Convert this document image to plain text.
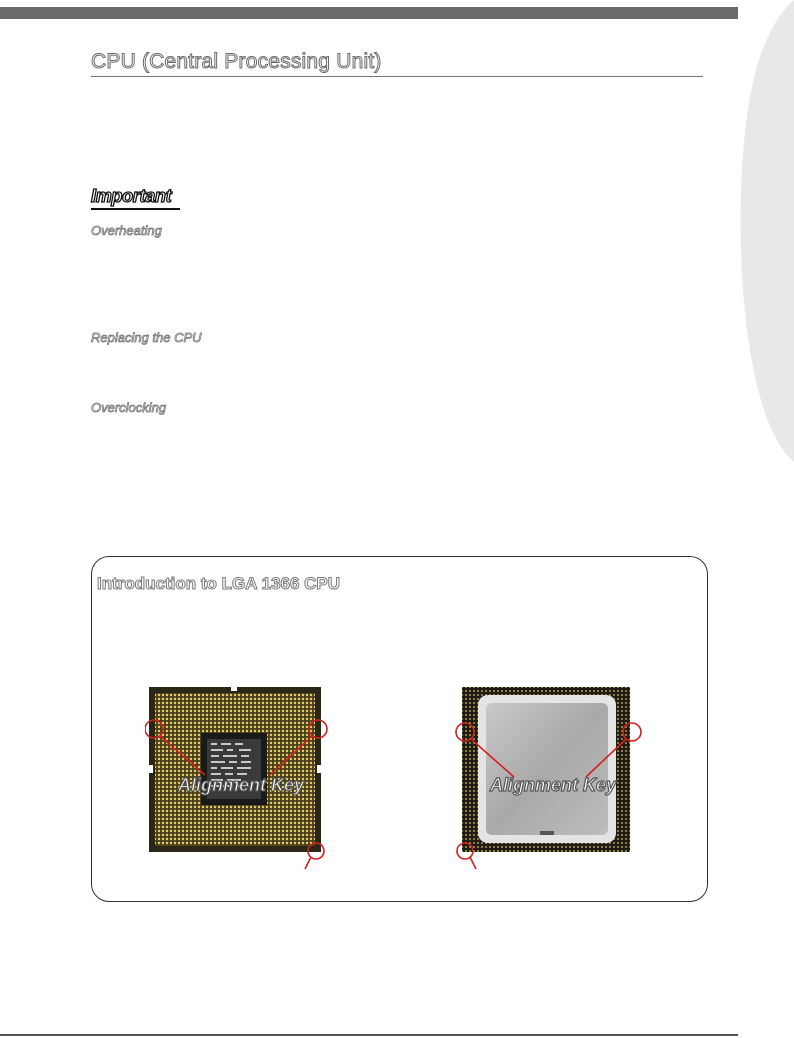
CPU (Central Processing Unit)
Important
Overheating
Replacing the CPU
Overclocking
Introduction to LGA 1366 CPU
Alignment Key	Alignment Key
